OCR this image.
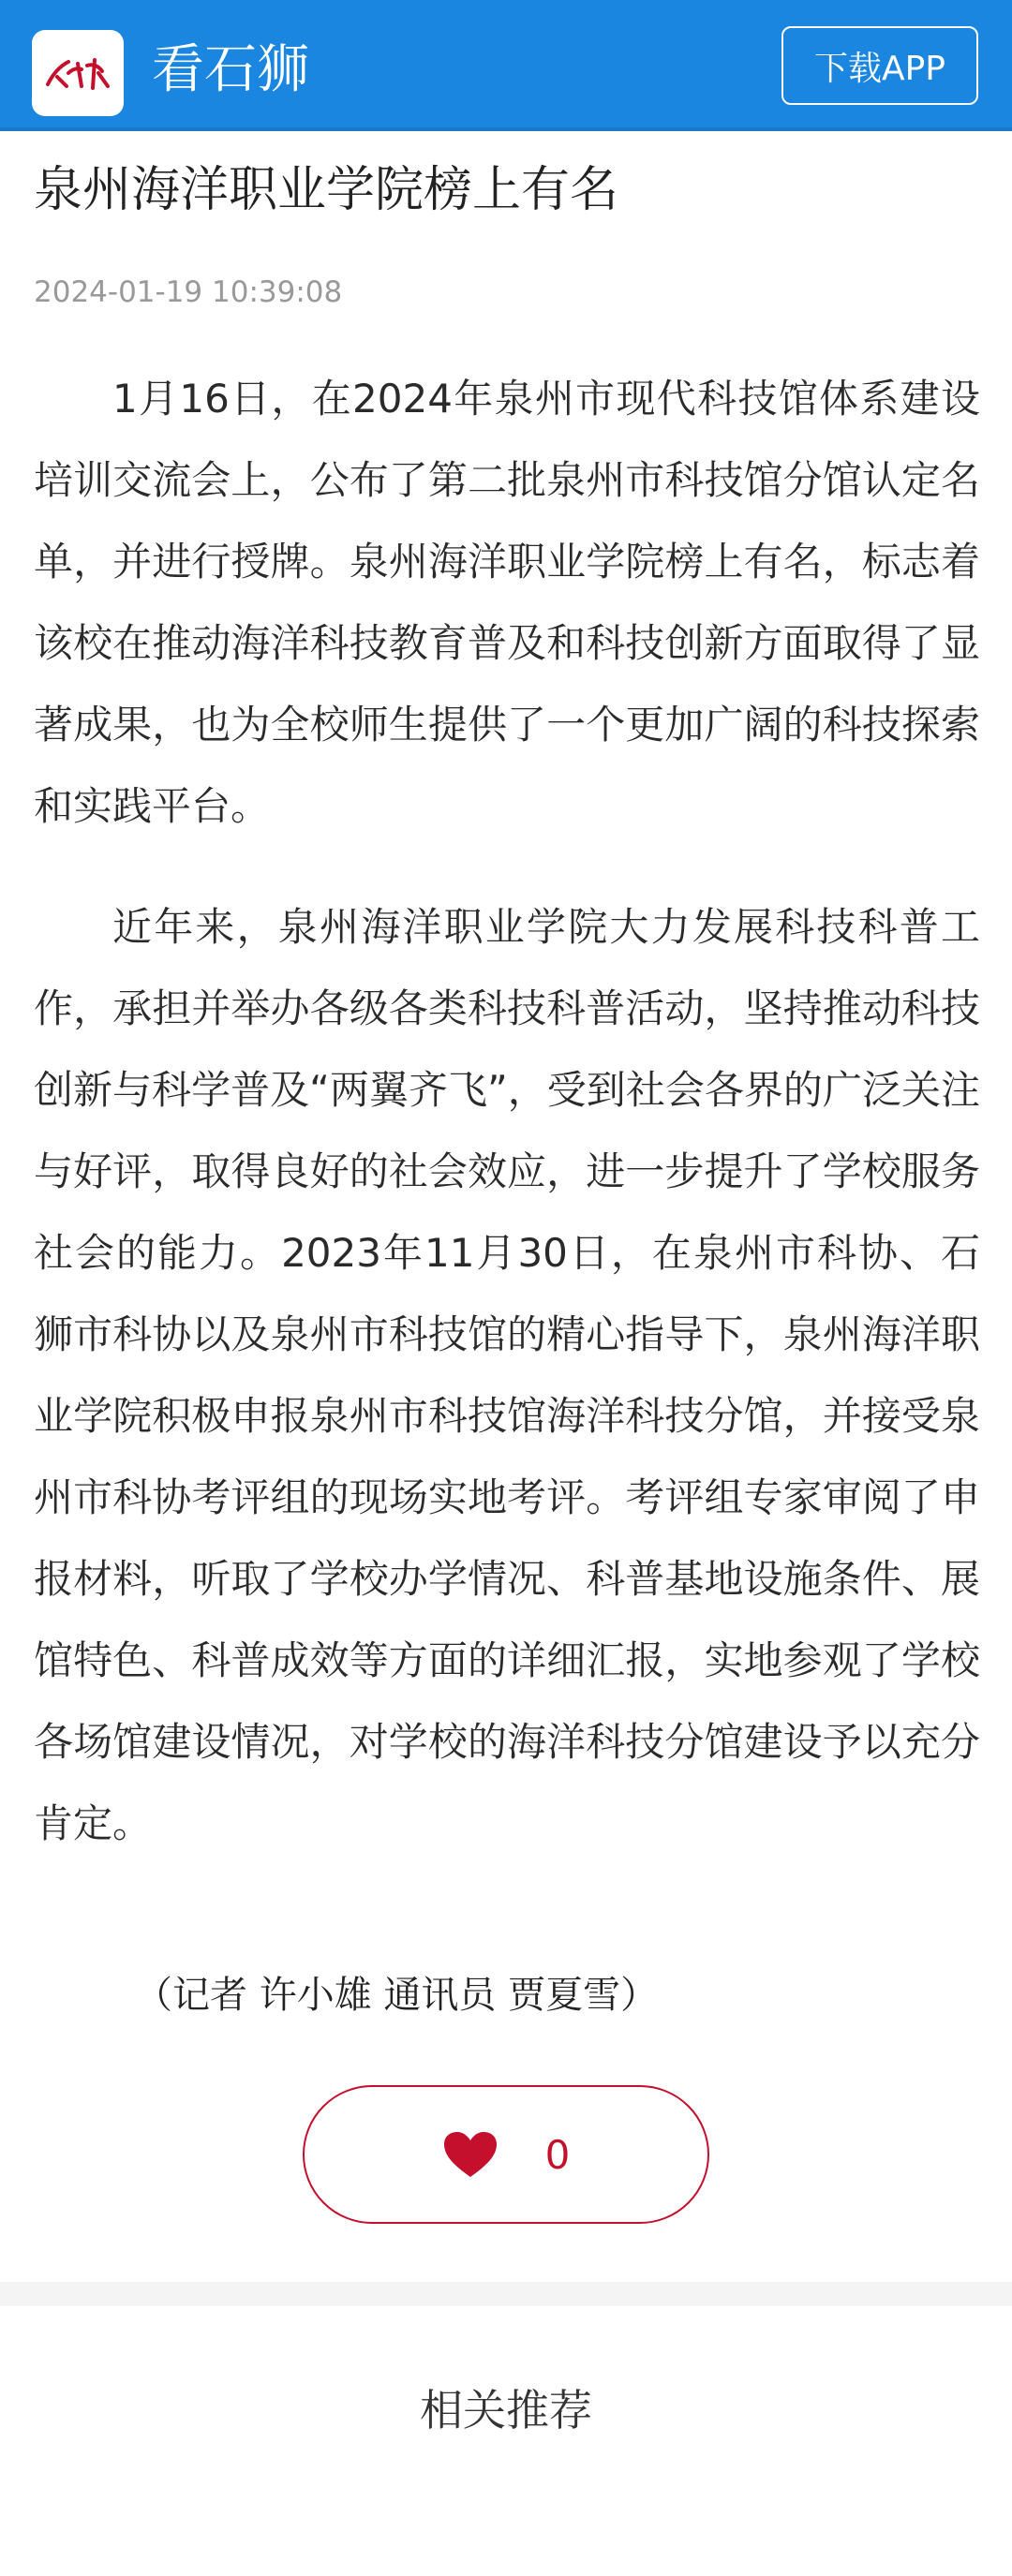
看石狮	下载APP
泉州海洋职业学院榜上有名
2024-01-19 10:39:08

1月16日，在2024年泉州市现代科技馆体系建设培训交流会上，公布了第二批泉州市科技馆分馆认定名单，并进行授牌。泉州海洋职业学院榜上有名，标志着该校在推动海洋科技教育普及和科技创新方面取得了显著成果，也为全校师生提供了一个更加广阔的科技探索和实践平台。

近年来，泉州海洋职业学院大力发展科技科普工作，承担并举办各级各类科技科普活动，坚持推动科技创新与科学普及“两翼齐飞”，受到社会各界的广泛关注与好评，取得良好的社会效应，进一步提升了学校服务社会的能力。2023年11月30日，在泉州市科协、石狮市科协以及泉州市科技馆的精心指导下，泉州海洋职业学院积极申报泉州市科技馆海洋科技分馆，并接受泉州市科协考评组的现场实地考评。考评组专家审阅了申报材料，听取了学校办学情况、科普基地设施条件、展馆特色、科普成效等方面的详细汇报，实地参观了学校各场馆建设情况，对学校的海洋科技分馆建设予以充分肯定。

（记者 许小雄 通讯员 贾夏雪）
0
相关推荐
